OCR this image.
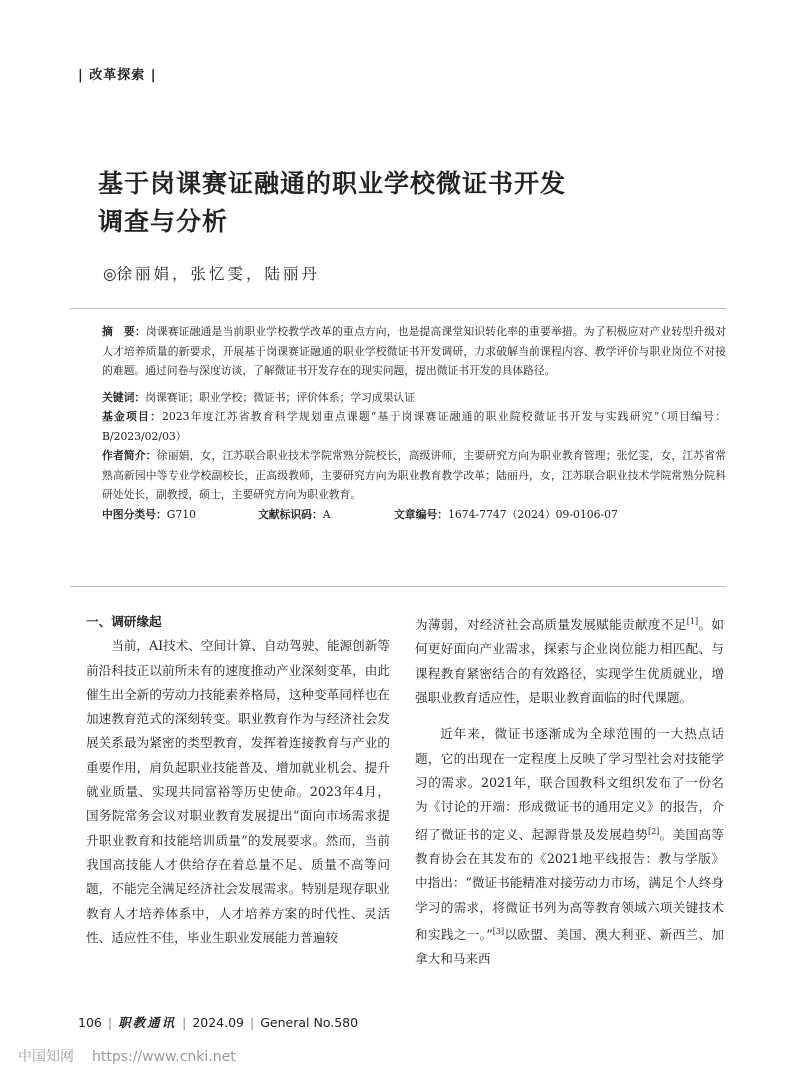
| 改革探索 |
基于岗课赛证融通的职业学校微证书开发
调查与分析
◎徐丽娟，张忆雯，陆丽丹
摘　要：岗课赛证融通是当前职业学校教学改革的重点方向，也是提高课堂知识转化率的重要举措。为了积极应对产业转型升级对人才培养质量的新要求，开展基于岗课赛证融通的职业学校微证书开发调研，力求破解当前课程内容、教学评价与职业岗位不对接的难题。通过问卷与深度访谈，了解微证书开发存在的现实问题，提出微证书开发的具体路径。
关键词：岗课赛证；职业学校；微证书；评价体系；学习成果认证
基金项目：2023年度江苏省教育科学规划重点课题“基于岗课赛证融通的职业院校微证书开发与实践研究”（项目编号：B/2023/02/03）
作者简介：徐丽娟，女，江苏联合职业技术学院常熟分院校长，高级讲师，主要研究方向为职业教育管理；张忆雯，女，江苏省常熟高新园中等专业学校副校长，正高级教师，主要研究方向为职业教育教学改革；陆丽丹，女，江苏联合职业技术学院常熟分院科研处处长，副教授，硕士，主要研究方向为职业教育。
中图分类号：G710	文献标识码：A	文章编号：1674-7747（2024）09-0106-07

一、调研缘起

当前，AI技术、空间计算、自动驾驶、能源创新等前沿科技正以前所未有的速度推动产业深刻变革，由此催生出全新的劳动力技能素养格局，这种变革同样也在加速教育范式的深刻转变。职业教育作为与经济社会发展关系最为紧密的类型教育，发挥着连接教育与产业的重要作用，肩负起职业技能普及、增加就业机会、提升就业质量、实现共同富裕等历史使命。2023年4月，国务院常务会议对职业教育发展提出“面向市场需求提升职业教育和技能培训质量”的发展要求。然而，当前我国高技能人才供给存在着总量不足、质量不高等问题，不能完全满足经济社会发展需求。特别是现存职业教育人才培养体系中，人才培养方案的时代性、灵活性、适应性不佳，毕业生职业发展能力普遍较

为薄弱，对经济社会高质量发展赋能贡献度不足[1]。如何更好面向产业需求，探索与企业岗位能力相匹配、与课程教育紧密结合的有效路径，实现学生优质就业，增强职业教育适应性，是职业教育面临的时代课题。

近年来，微证书逐渐成为全球范围的一大热点话题，它的出现在一定程度上反映了学习型社会对技能学习的需求。2021年，联合国教科文组织发布了一份名为《讨论的开端：形成微证书的通用定义》的报告，介绍了微证书的定义、起源背景及发展趋势[2]。美国高等教育协会在其发布的《2021地平线报告：教与学版》中指出：“微证书能精准对接劳动力市场，满足个人终身学习的需求，将微证书列为高等教育领域六项关键技术和实践之一。”[3]以欧盟、美国、澳大利亚、新西兰、加拿大和马来西

106 | 职教通讯 | 2024.09 | General No.580
中国知网 https://www.cnki.net
